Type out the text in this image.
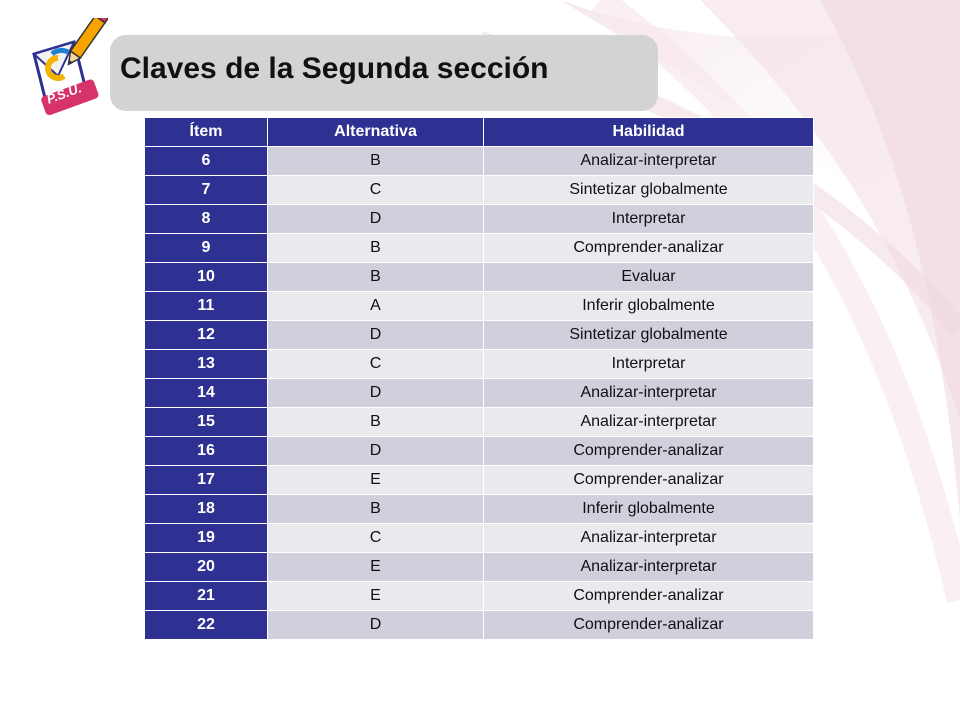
P.S.U.
Claves de la Segunda sección
Ítem	Alternativa	Habilidad
6	B	Analizar-interpretar
7	C	Sintetizar globalmente
8	D	Interpretar
9	B	Comprender-analizar
10	B	Evaluar
11	A	Inferir globalmente
12	D	Sintetizar globalmente
13	C	Interpretar
14	D	Analizar-interpretar
15	B	Analizar-interpretar
16	D	Comprender-analizar
17	E	Comprender-analizar
18	B	Inferir globalmente
19	C	Analizar-interpretar
20	E	Analizar-interpretar
21	E	Comprender-analizar
22	D	Comprender-analizar
